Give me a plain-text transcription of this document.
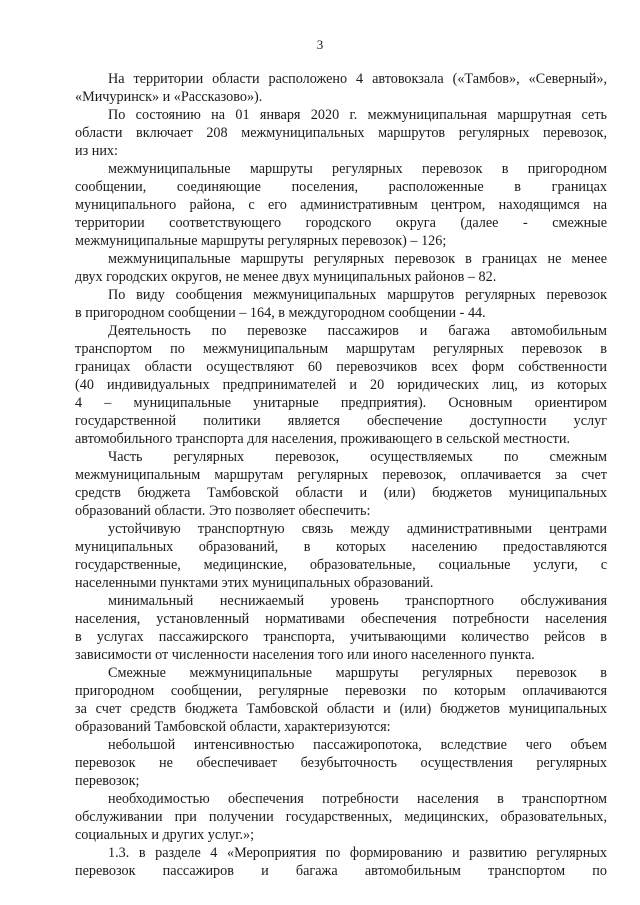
3
На территории области расположено 4 автовокзала («Тамбов», «Северный»,
«Мичуринск» и «Рассказово»).
По состоянию на 01 января 2020 г. межмуниципальная маршрутная сеть
области включает 208 межмуниципальных маршрутов регулярных перевозок,
из них:
межмуниципальные маршруты регулярных перевозок в пригородном
сообщении, соединяющие поселения, расположенные в границах
муниципального района, с его административным центром, находящимся на
территории соответствующего городского округа (далее - смежные
межмуниципальные маршруты регулярных перевозок) – 126;
межмуниципальные маршруты регулярных перевозок в границах не менее
двух городских округов, не менее двух муниципальных районов – 82.
По виду сообщения межмуниципальных маршрутов регулярных перевозок
в пригородном сообщении – 164, в междугородном сообщении - 44.
Деятельность по перевозке пассажиров и багажа автомобильным
транспортом по межмуниципальным маршрутам регулярных перевозок в
границах области осуществляют 60 перевозчиков всех форм собственности
(40 индивидуальных предпринимателей и 20 юридических лиц, из которых
4 – муниципальные унитарные предприятия). Основным ориентиром
государственной политики является обеспечение доступности услуг
автомобильного транспорта для населения, проживающего в сельской местности.
Часть регулярных перевозок, осуществляемых по смежным
межмуниципальным маршрутам регулярных перевозок, оплачивается за счет
средств бюджета Тамбовской области и (или) бюджетов муниципальных
образований области. Это позволяет обеспечить:
устойчивую транспортную связь между административными центрами
муниципальных образований, в которых населению предоставляются
государственные, медицинские, образовательные, социальные услуги, с
населенными пунктами этих муниципальных образований.
минимальный неснижаемый уровень транспортного обслуживания
населения, установленный нормативами обеспечения потребности населения
в услугах пассажирского транспорта, учитывающими количество рейсов в
зависимости от численности населения того или иного населенного пункта.
Смежные межмуниципальные маршруты регулярных перевозок в
пригородном сообщении, регулярные перевозки по которым оплачиваются
за счет средств бюджета Тамбовской области и (или) бюджетов муниципальных
образований Тамбовской области, характеризуются:
небольшой интенсивностью пассажиропотока, вследствие чего объем
перевозок не обеспечивает безубыточность осуществления регулярных
перевозок;
необходимостью обеспечения потребности населения в транспортном
обслуживании при получении государственных, медицинских, образовательных,
социальных и других услуг.»;
1.3. в разделе 4 «Мероприятия по формированию и развитию регулярных
перевозок пассажиров и багажа автомобильным транспортом по
